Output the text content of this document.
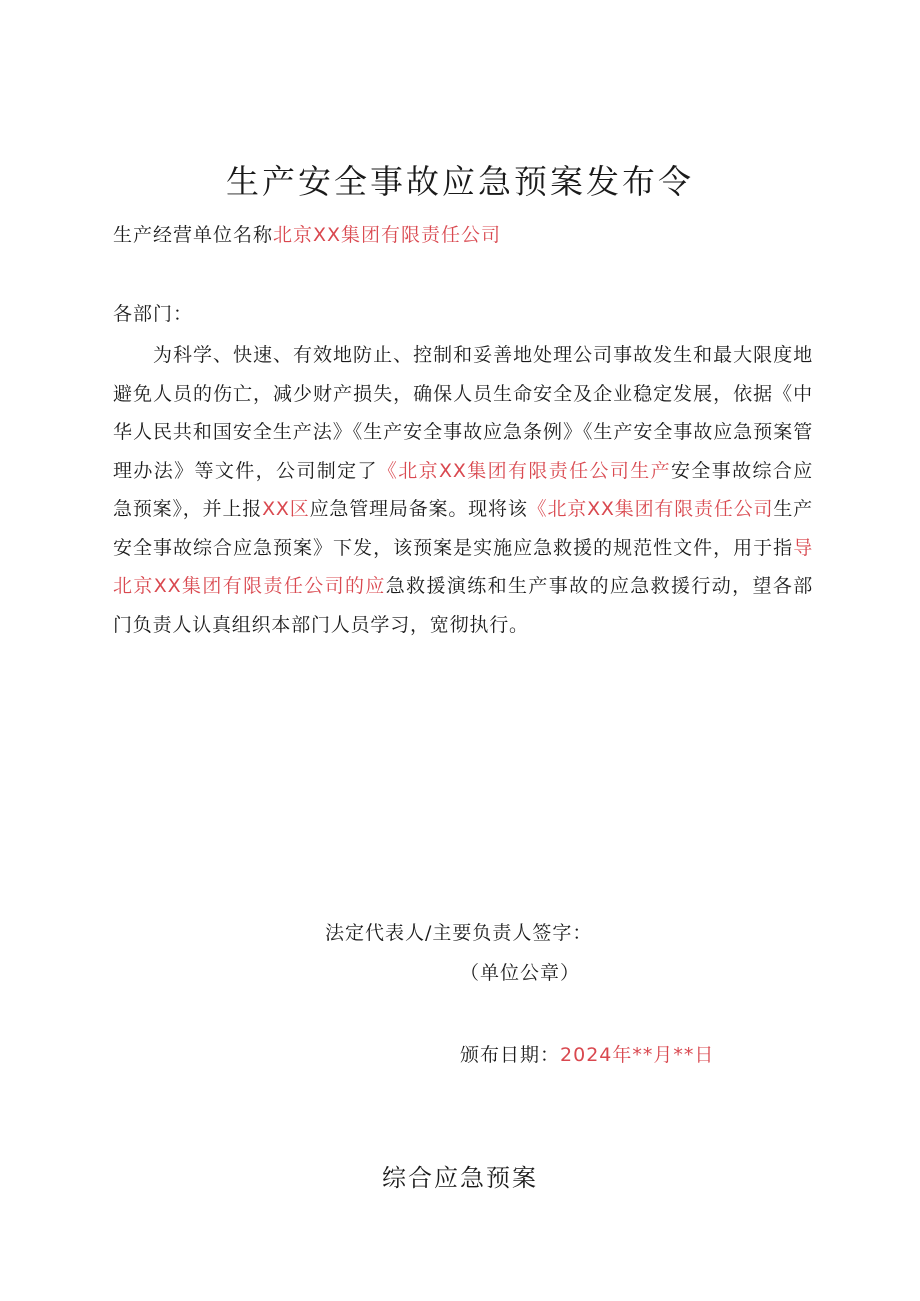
生产安全事故应急预案发布令
生产经营单位名称北京XX集团有限责任公司
各部门：

为科学、快速、有效地防止、控制和妥善地处理公司事故发生和最大限度地避免人员的伤亡，减少财产损失，确保人员生命安全及企业稳定发展，依据《中华人民共和国安全生产法》《生产安全事故应急条例》《生产安全事故应急预案管理办法》等文件，公司制定了《北京XX集团有限责任公司生产安全事故综合应急预案》，并上报XX区应急管理局备案。现将该《北京XX集团有限责任公司生产安全事故综合应急预案》下发，该预案是实施应急救援的规范性文件，用于指导北京XX集团有限责任公司的应急救援演练和生产事故的应急救援行动，望各部门负责人认真组织本部门人员学习，宽彻执行。

法定代表人/主要负责人签字：
（单位公章）
颁布日期：2024年**月**日
综合应急预案
